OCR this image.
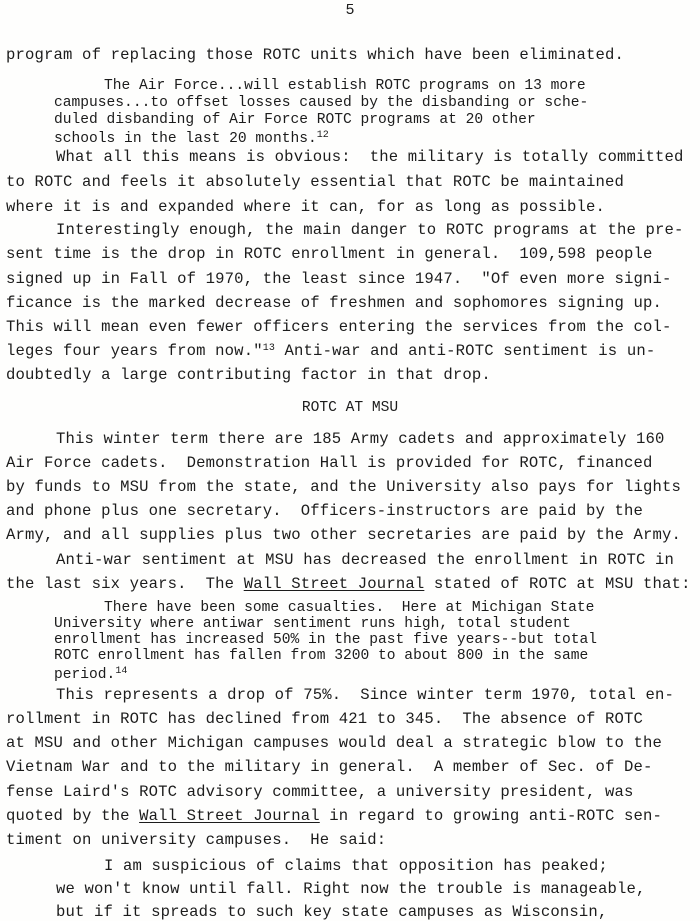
5
program of replacing those ROTC units which have been eliminated.
The Air Force...will establish ROTC programs on 13 more
campuses...to offset losses caused by the disbanding or sche-
duled disbanding of Air Force ROTC programs at 20 other
schools in the last 20 months.$^{12}$
What all this means is obvious:  the military is totally committed
to ROTC and feels it absolutely essential that ROTC be maintained
where it is and expanded where it can, for as long as possible.
Interestingly enough, the main danger to ROTC programs at the pre-
sent time is the drop in ROTC enrollment in general.  109,598 people
signed up in Fall of 1970, the least since 1947.  "Of even more signi-
ficance is the marked decrease of freshmen and sophomores signing up.
This will mean even fewer officers entering the services from the col-
leges four years from now."$^{13}$ Anti-war and anti-ROTC sentiment is un-
doubtedly a large contributing factor in that drop.
ROTC AT MSU
This winter term there are 185 Army cadets and approximately 160
Air Force cadets.  Demonstration Hall is provided for ROTC, financed
by funds to MSU from the state, and the University also pays for lights
and phone plus one secretary.  Officers-instructors are paid by the
Army, and all supplies plus two other secretaries are paid by the Army.
Anti-war sentiment at MSU has decreased the enrollment in ROTC in
the last six years.  The Wall Street Journal stated of ROTC at MSU that:
There have been some casualties.  Here at Michigan State
University where antiwar sentiment runs high, total student
enrollment has increased 50% in the past five years--but total
ROTC enrollment has fallen from 3200 to about 800 in the same
period.$^{14}$
This represents a drop of 75%.  Since winter term 1970, total en-
rollment in ROTC has declined from 421 to 345.  The absence of ROTC
at MSU and other Michigan campuses would deal a strategic blow to the
Vietnam War and to the military in general.  A member of Sec. of De-
fense Laird's ROTC advisory committee, a university president, was
quoted by the Wall Street Journal in regard to growing anti-ROTC sen-
timent on university campuses.  He said:
I am suspicious of claims that opposition has peaked;
we won't know until fall. Right now the trouble is manageable,
but if it spreads to such key state campuses as Wisconsin,
